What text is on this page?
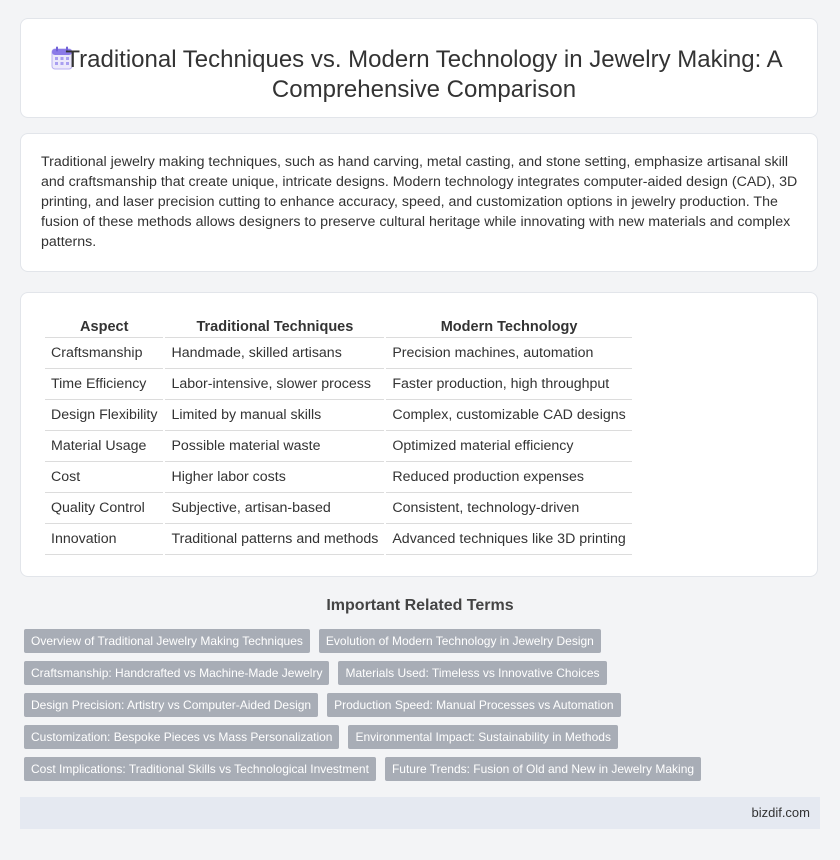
Traditional Techniques vs. Modern Technology in Jewelry Making: A Comprehensive Comparison

Traditional jewelry making techniques, such as hand carving, metal casting, and stone setting, emphasize artisanal skill and craftsmanship that create unique, intricate designs. Modern technology integrates computer-aided design (CAD), 3D printing, and laser precision cutting to enhance accuracy, speed, and customization options in jewelry production. The fusion of these methods allows designers to preserve cultural heritage while innovating with new materials and complex patterns.

Aspect	Traditional Techniques	Modern Technology
Craftsmanship	Handmade, skilled artisans	Precision machines, automation
Time Efficiency	Labor-intensive, slower process	Faster production, high throughput
Design Flexibility	Limited by manual skills	Complex, customizable CAD designs
Material Usage	Possible material waste	Optimized material efficiency
Cost	Higher labor costs	Reduced production expenses
Quality Control	Subjective, artisan-based	Consistent, technology-driven
Innovation	Traditional patterns and methods	Advanced techniques like 3D printing
Important Related Terms
Overview of Traditional Jewelry Making Techniques	Evolution of Modern Technology in Jewelry Design
Craftsmanship: Handcrafted vs Machine-Made Jewelry	Materials Used: Timeless vs Innovative Choices
Design Precision: Artistry vs Computer-Aided Design	Production Speed: Manual Processes vs Automation
Customization: Bespoke Pieces vs Mass Personalization	Environmental Impact: Sustainability in Methods
Cost Implications: Traditional Skills vs Technological Investment	Future Trends: Fusion of Old and New in Jewelry Making
bizdif.com
